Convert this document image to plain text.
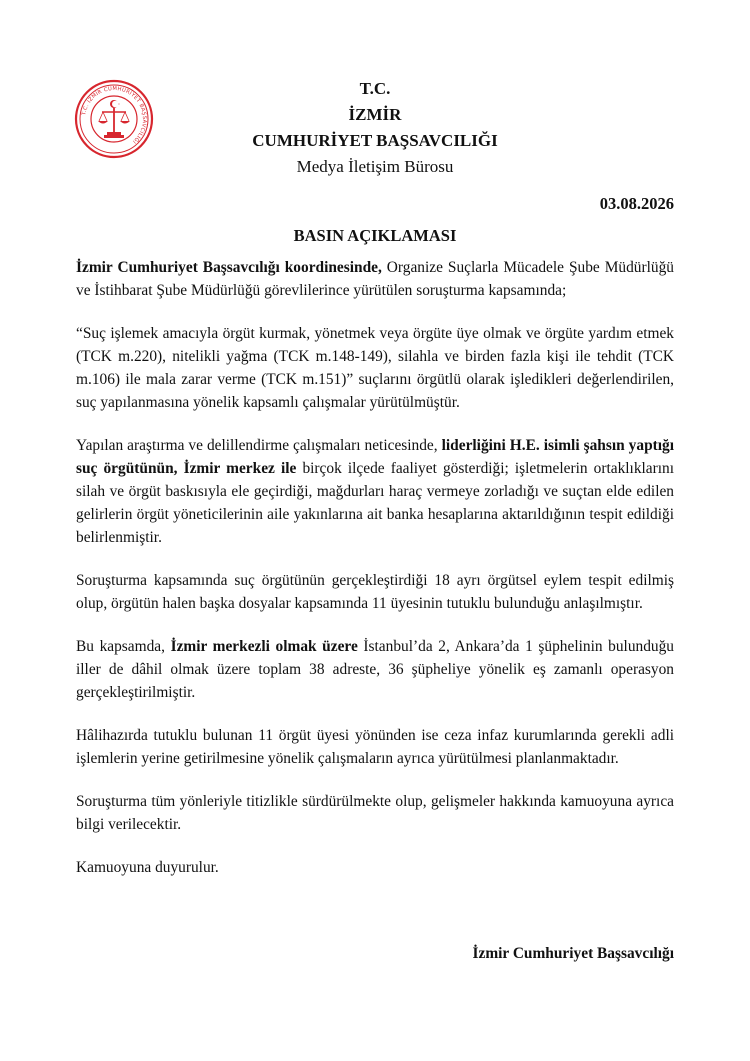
T.C. İZMİR CUMHURİYET BAŞSAVCILIĞI
T.C.
İZMİR
CUMHURİYET BAŞSAVCILIĞI
Medya İletişim Bürosu
03.08.2026
BASIN AÇIKLAMASI

İzmir Cumhuriyet Başsavcılığı koordinesinde, Organize Suçlarla Mücadele Şube Müdürlüğü ve İstihbarat Şube Müdürlüğü görevlilerince yürütülen soruşturma kapsamında;

“Suç işlemek amacıyla örgüt kurmak, yönetmek veya örgüte üye olmak ve örgüte yardım etmek (TCK m.220), nitelikli yağma (TCK m.148-149), silahla ve birden fazla kişi ile tehdit (TCK m.106) ile mala zarar verme (TCK m.151)” suçlarını örgütlü olarak işledikleri değerlendirilen, suç yapılanmasına yönelik kapsamlı çalışmalar yürütülmüştür.

Yapılan araştırma ve delillendirme çalışmaları neticesinde, liderliğini H.E. isimli şahsın yaptığı suç örgütünün, İzmir merkez ile birçok ilçede faaliyet gösterdiği; işletmelerin ortaklıklarını silah ve örgüt baskısıyla ele geçirdiği, mağdurları haraç vermeye zorladığı ve suçtan elde edilen gelirlerin örgüt yöneticilerinin aile yakınlarına ait banka hesaplarına aktarıldığının tespit edildiği belirlenmiştir.

Soruşturma kapsamında suç örgütünün gerçekleştirdiği 18 ayrı örgütsel eylem tespit edilmiş olup, örgütün halen başka dosyalar kapsamında 11 üyesinin tutuklu bulunduğu anlaşılmıştır.

Bu kapsamda, İzmir merkezli olmak üzere İstanbul’da 2, Ankara’da 1 şüphelinin bulunduğu iller de dâhil olmak üzere toplam 38 adreste, 36 şüpheliye yönelik eş zamanlı operasyon gerçekleştirilmiştir.

Hâlihazırda tutuklu bulunan 11 örgüt üyesi yönünden ise ceza infaz kurumlarında gerekli adli işlemlerin yerine getirilmesine yönelik çalışmaların ayrıca yürütülmesi planlanmaktadır.

Soruşturma tüm yönleriyle titizlikle sürdürülmekte olup, gelişmeler hakkında kamuoyuna ayrıca bilgi verilecektir.

Kamuoyuna duyurulur.

İzmir Cumhuriyet Başsavcılığı
